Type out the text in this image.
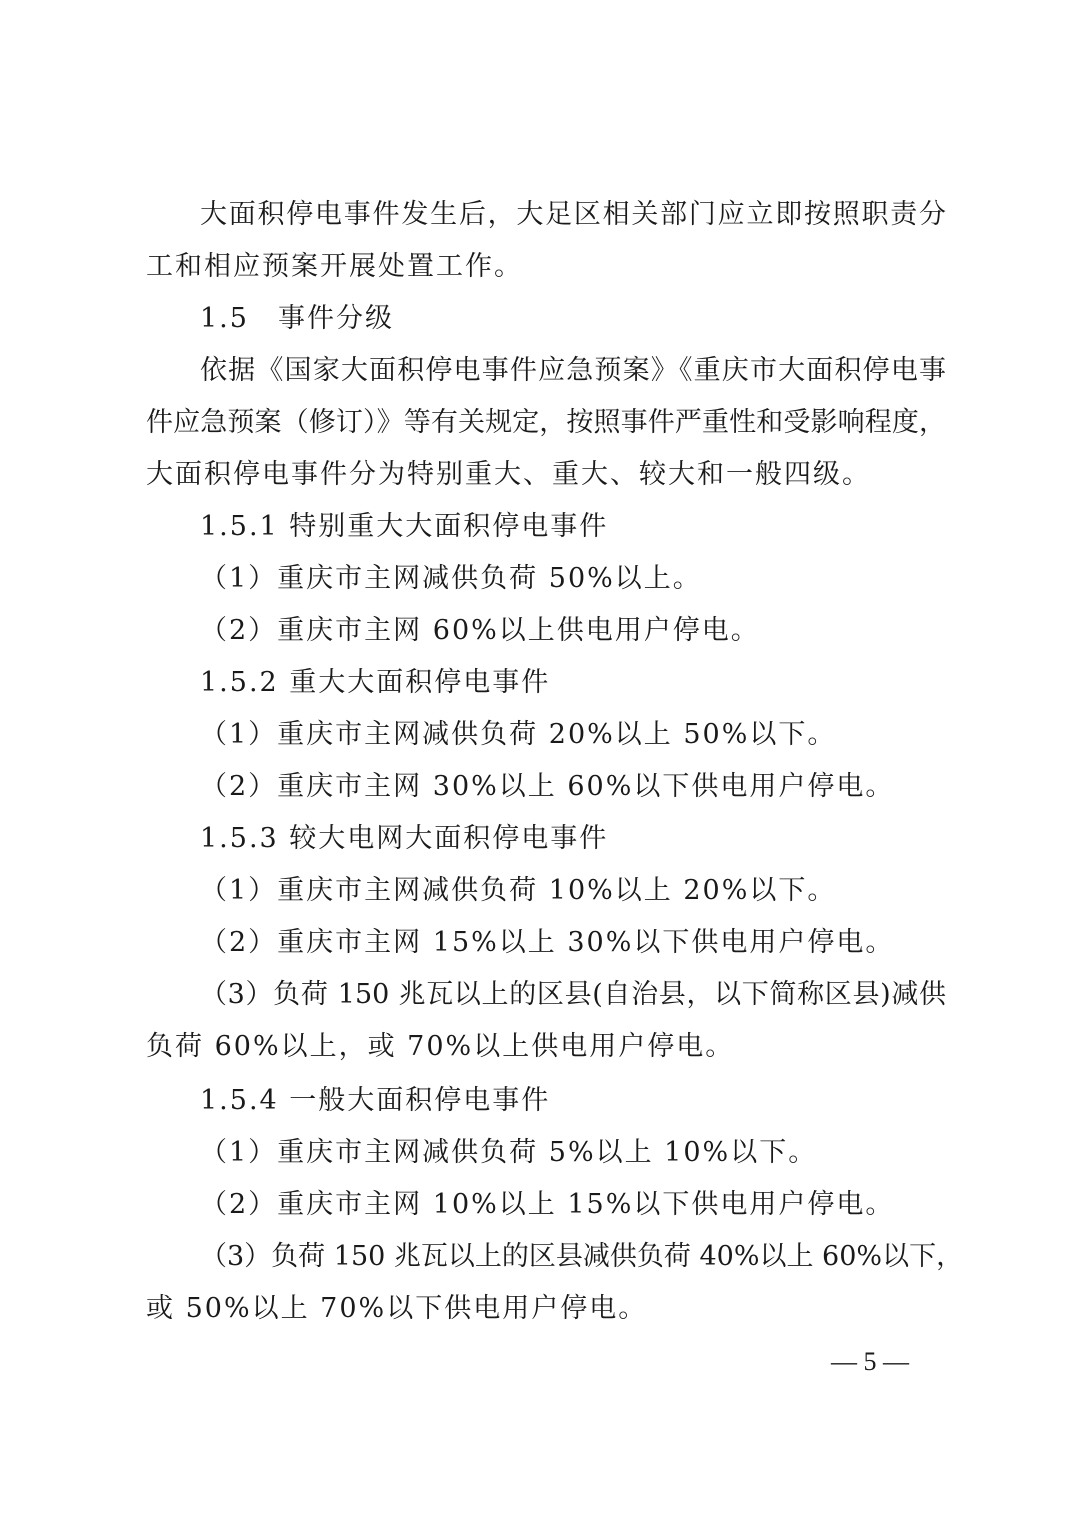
大面积停电事件发生后，大足区相关部门应立即按照职责分
工和相应预案开展处置工作。
1.5　事件分级
依据《国家大面积停电事件应急预案》《重庆市大面积停电事
件应急预案（修订）》等有关规定，按照事件严重性和受影响程度，
大面积停电事件分为特别重大、重大、较大和一般四级。
1.5.1 特别重大大面积停电事件
（1）重庆市主网减供负荷 50%以上。
（2）重庆市主网 60%以上供电用户停电。
1.5.2 重大大面积停电事件
（1）重庆市主网减供负荷 20%以上 50%以下。
（2）重庆市主网 30%以上 60%以下供电用户停电。
1.5.3 较大电网大面积停电事件
（1）重庆市主网减供负荷 10%以上 20%以下。
（2）重庆市主网 15%以上 30%以下供电用户停电。
（3）负荷 150 兆瓦以上的区县(自治县，以下简称区县)减供
负荷 60%以上，或 70%以上供电用户停电。
1.5.4 一般大面积停电事件
（1）重庆市主网减供负荷 5%以上 10%以下。
（2）重庆市主网 10%以上 15%以下供电用户停电。
（3）负荷 150 兆瓦以上的区县减供负荷 40%以上 60%以下，
或 50%以上 70%以下供电用户停电。
— 5 —
